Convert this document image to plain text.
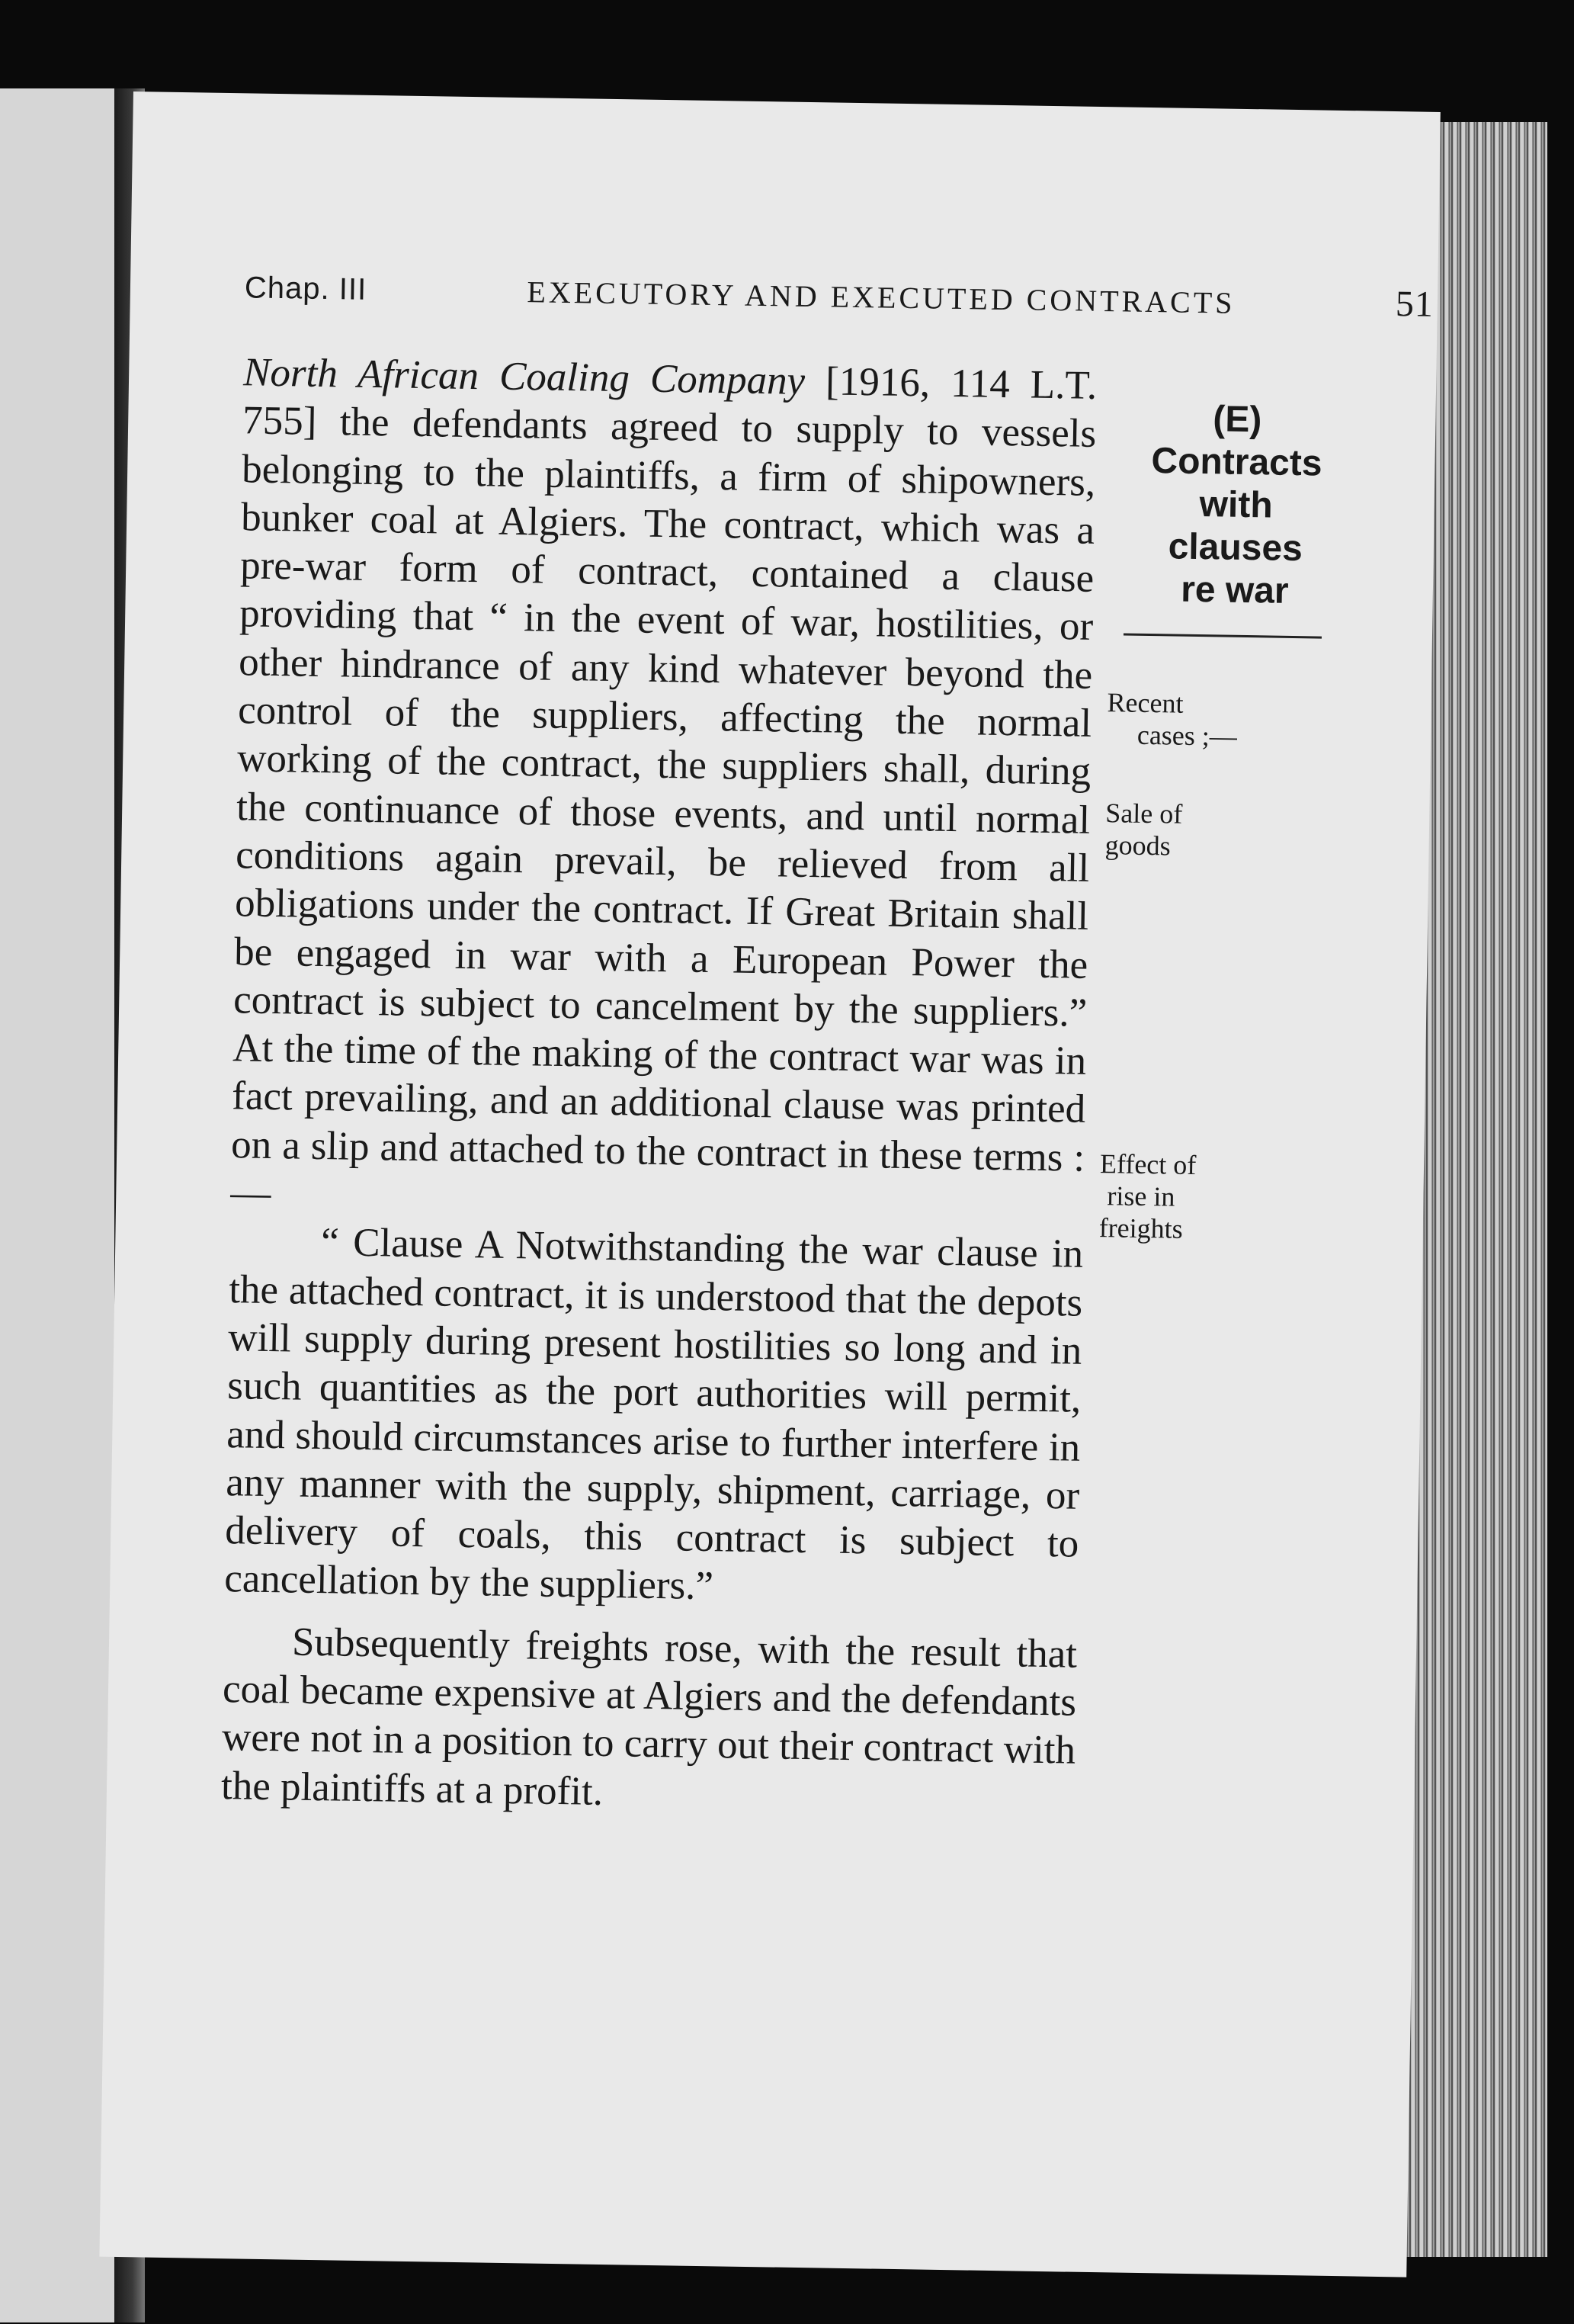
Chap. III	EXECUTORY AND EXECUTED CONTRACTS	51

North African Coaling Company [1916, 114 L.T. 755] the defendants agreed to supply to vessels belonging to the plaintiffs, a firm of shipowners, bunker coal at Algiers. The contract, which was a pre-war form of contract, contained a clause providing that “ in the event of war, hostilities, or other hindrance of any kind whatever beyond the control of the suppliers, affecting the normal working of the contract, the suppliers shall, during the continuance of those events, and until normal conditions again prevail, be relieved from all obligations under the contract. If Great Britain shall be engaged in war with a European Power the contract is subject to cancelment by the suppliers.” At the time of the making of the contract war was in fact prevailing, and an additional clause was printed on a slip and attached to the contract in these terms :—

“ Clause A Notwithstanding the war clause in the attached contract, it is understood that the depots will supply during present hostilities so long and in such quantities as the port authorities will permit, and should circumstances arise to further interfere in any manner with the supply, shipment, carriage, or delivery of coals, this contract is subject to cancellation by the suppliers.”

Subsequently freights rose, with the result that coal became expensive at Algiers and the defendants were not in a position to carry out their contract with the plaintiffs at a profit.

(E)
Contracts
with
clauses
re war
Recent
cases ;—
Sale of
goods
Effect of
rise in
freights
